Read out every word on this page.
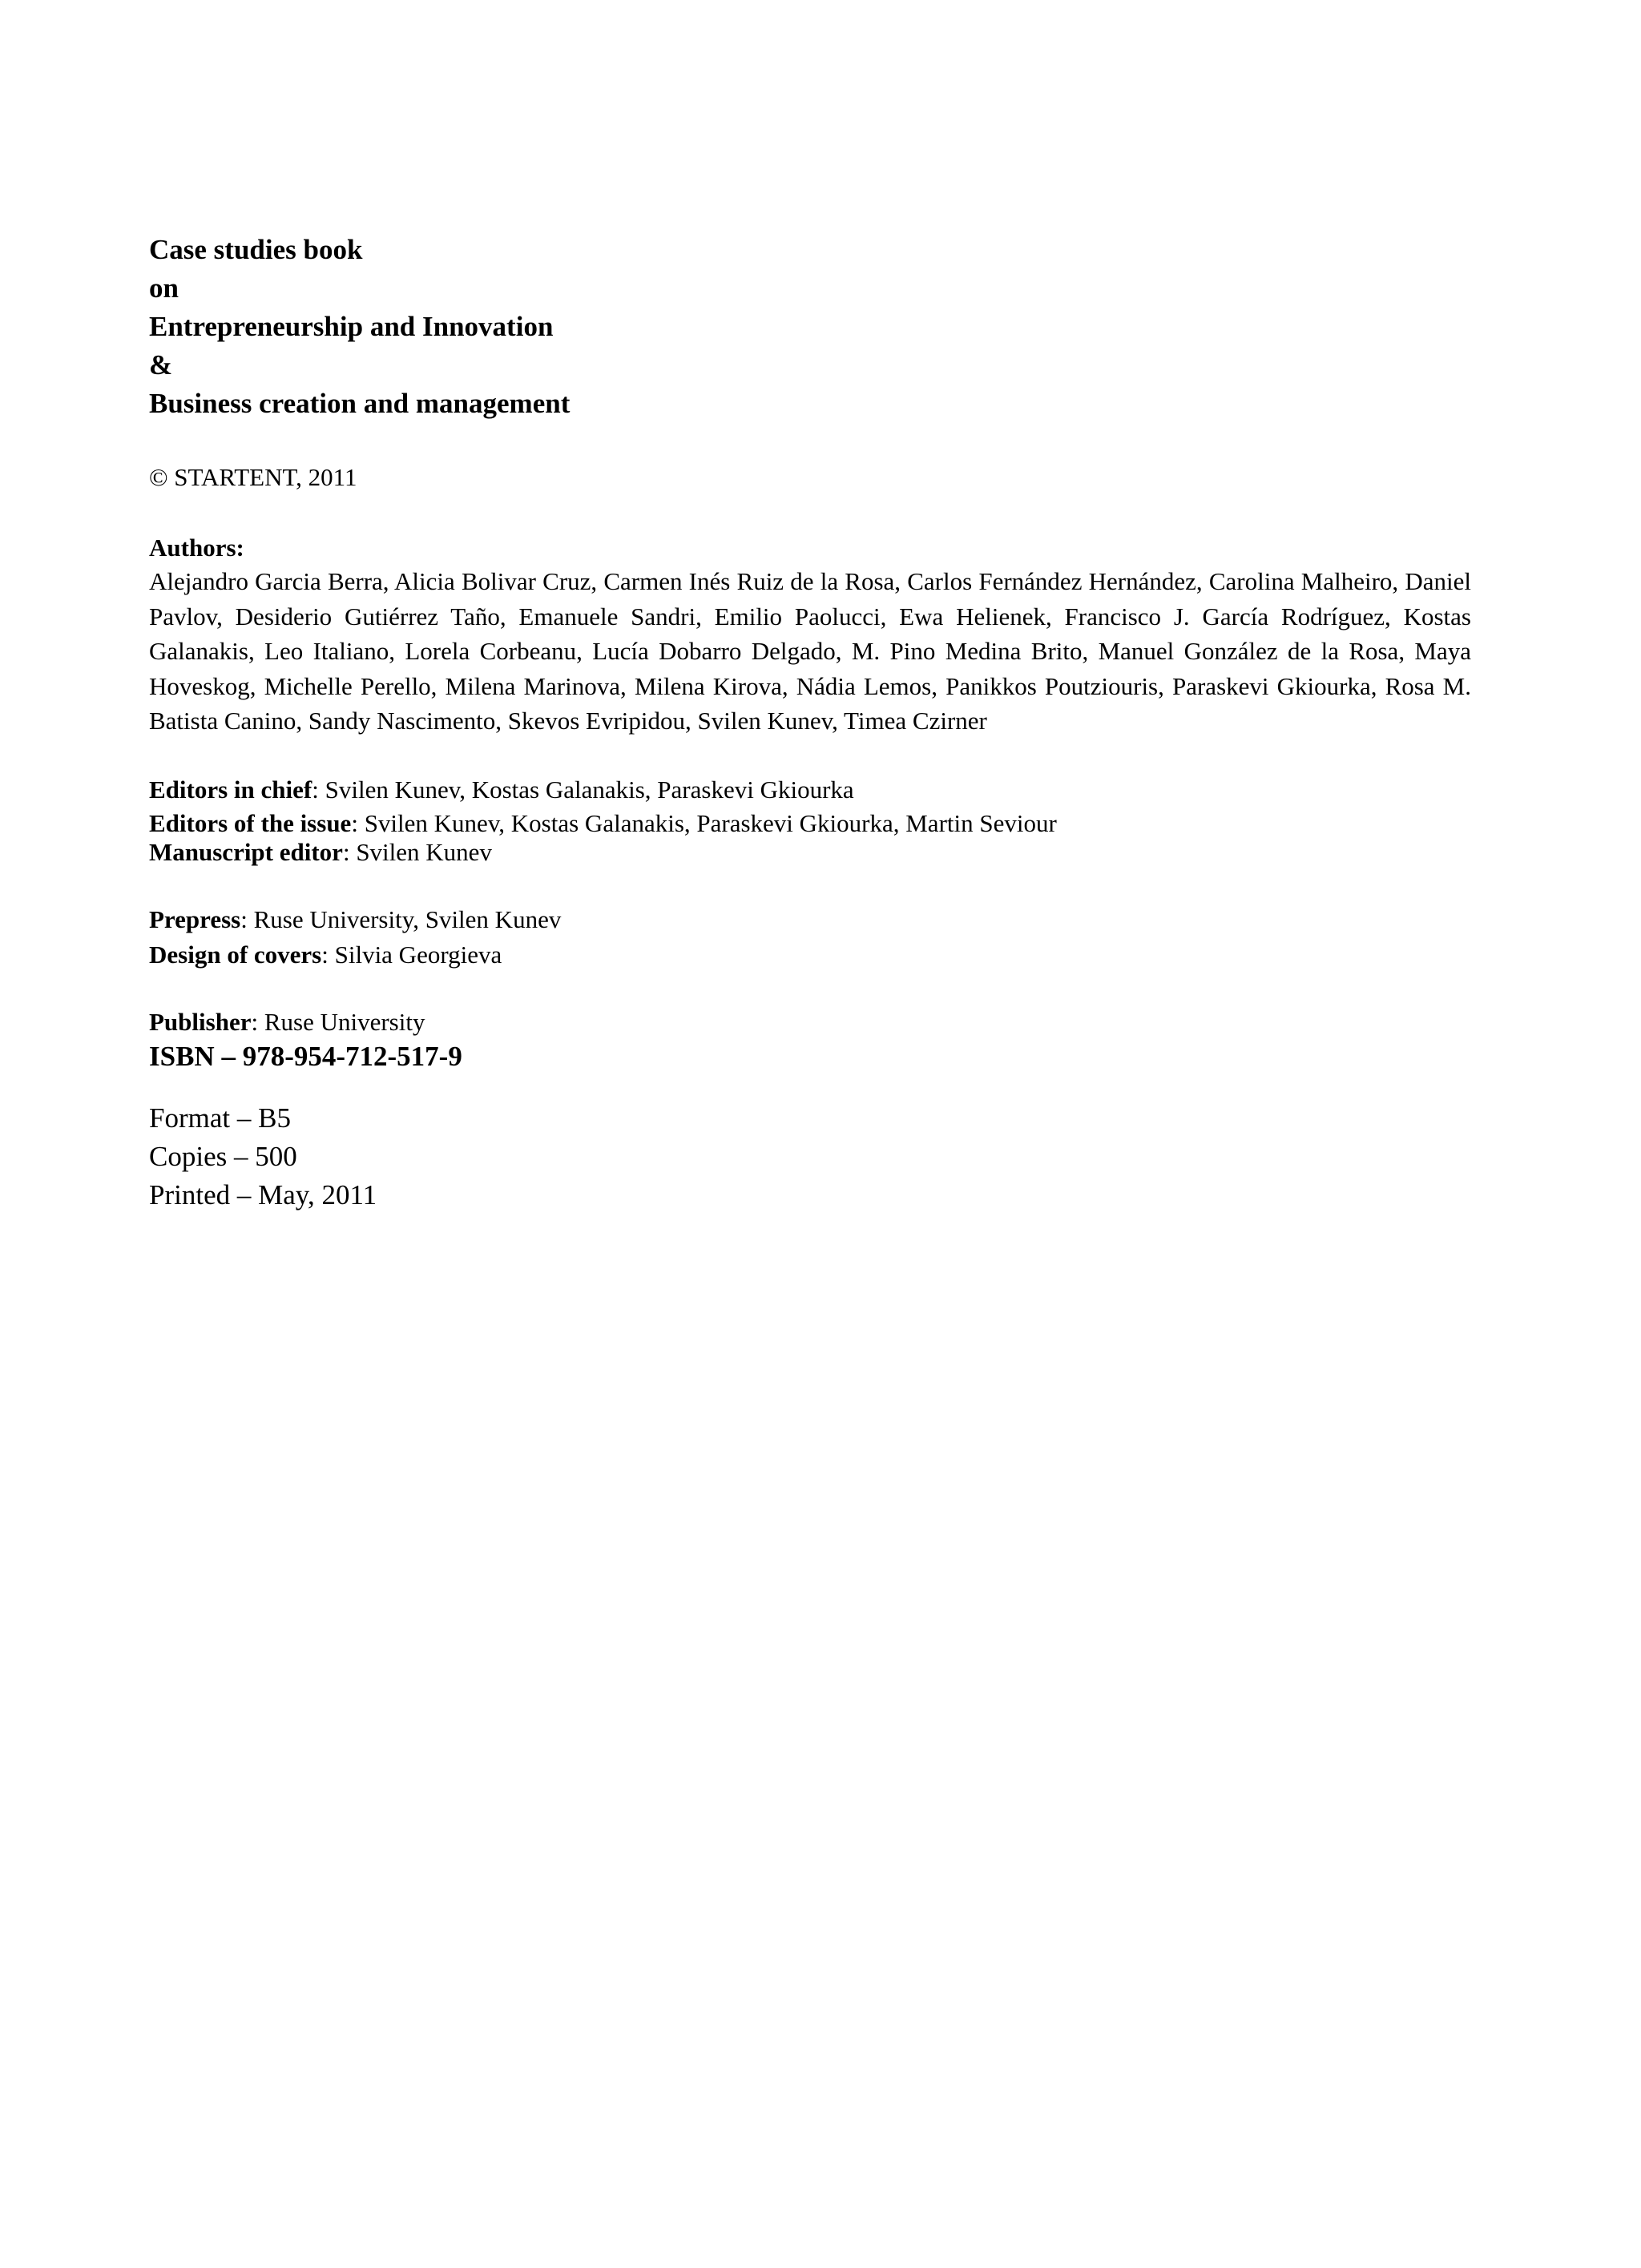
Case studies book

on

Entrepreneurship and Innovation

&

Business creation and management

© STARTENT, 2011
Authors:

Alejandro Garcia Berra, Alicia Bolivar Cruz, Carmen Inés Ruiz de la Rosa, Carlos Fernández Hernández, Carolina Malheiro, Daniel Pavlov, Desiderio Gutiérrez Taño, Emanuele Sandri, Emilio Paolucci, Ewa Helienek, Francisco J. García Rodríguez, Kostas Galanakis, Leo Italiano, Lorela Corbeanu, Lucía Dobarro Delgado, M. Pino Medina Brito, Manuel González de la Rosa, Maya Hoveskog, Michelle Perello, Milena Marinova, Milena Kirova, Nádia Lemos, Panikkos Poutziouris, Paraskevi Gkiourka, Rosa M. Batista Canino, Sandy Nascimento, Skevos Evripidou, Svilen Kunev, Timea Czirner

Editors in chief: Svilen Kunev, Kostas Galanakis, Paraskevi Gkiourka

Editors of the issue: Svilen Kunev, Kostas Galanakis, Paraskevi Gkiourka, Martin Seviour

Manuscript editor: Svilen Kunev

Prepress: Ruse University, Svilen Kunev

Design of covers: Silvia Georgieva

Publisher: Ruse University

ISBN – 978-954-712-517-9

Format – B5

Copies – 500

Printed – May, 2011
